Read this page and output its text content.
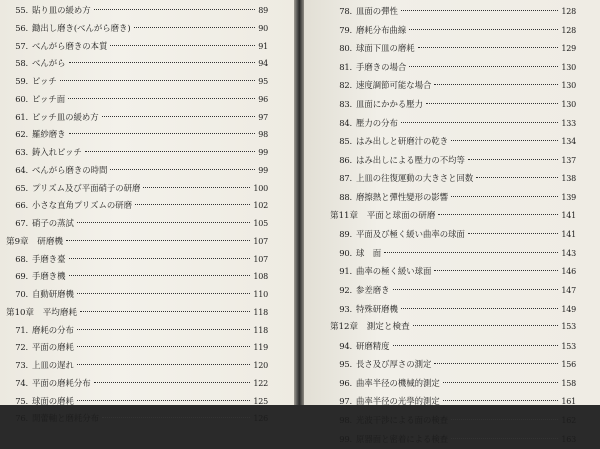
55. 貼り皿の緩め方	89
56. 鋤出し磨き(べんがら磨き)	90
57. べんがら磨きの本質	91
58. べんがら	94
59. ピッチ	95
60. ピッチ面	96
61. ピッチ皿の緩め方	97
62. 羅紗磨き	98
63. 鋳入れピッチ	99
64. べんがら磨きの時間	99
65. プリズム及び平面硝子の研磨	100
66. 小さな直角プリズムの研磨	102
67. 硝子の蒸試	105
第9章　研磨機	107
68. 手磨き臺	107
69. 手磨き機	108
70. 自動研磨機	110
第10章　平均磨耗	118
71. 磨耗の分布	118
72. 平面の磨耗	119
73. 上皿の遅れ	120
74. 平面の磨耗分布	122
75. 球面の磨耗	125
76. 開蕾軸と磨耗分布	126
78. 皿面の彈性	128
79. 磨耗分布曲線	128
80. 球面下皿の磨耗	129
81. 手磨きの場合	130
82. 速度調節可能な場合	130
83. 皿面にかかる壓力	130
84. 壓力の分布	133
85. はみ出しと研磨汁の乾き	134
86. はみ出しによる壓力の不均等	137
87. 上皿の往復運動の大きさと回数	138
88. 磨擦熱と彈性變形の影響	139
第11章　平面と球面の研磨	141
89. 平面及び極く緩い曲率の球面	141
90. 球　面	143
91. 曲率の極く緩い球面	146
92. 参差磨き	147
93. 特殊研磨機	149
第12章　測定と検査	153
94. 研磨精度	153
95. 長さ及び厚さの測定	156
96. 曲率半径の機械的測定	158
97. 曲率半径の光學的測定	161
98. 光波干渉による面の検査	162
99. 原器面と密着による検査	163
